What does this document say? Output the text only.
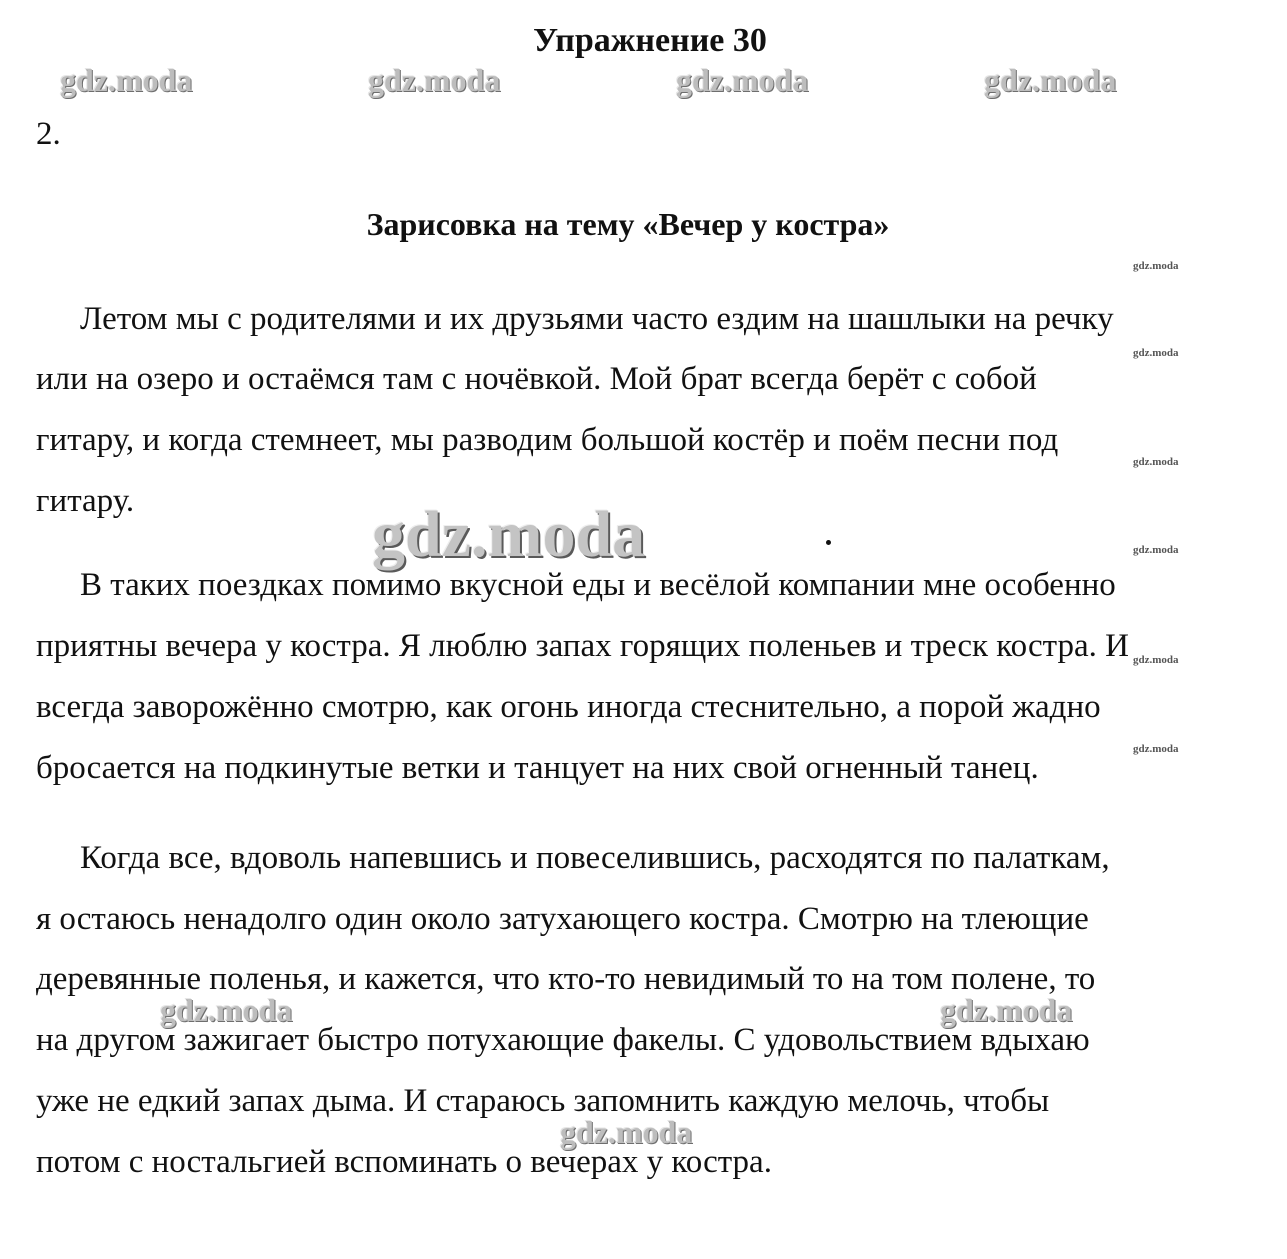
Упражнение 30
2.
Зарисовка на тему «Вечер у костра»
Летом мы с родителями и их друзьями часто ездим на шашлыки на речку
или на озеро и остаёмся там с ночёвкой. Мой брат всегда берёт с собой
гитару, и когда стемнеет, мы разводим большой костёр и поём песни под
гитару.
В таких поездках помимо вкусной еды и весёлой компании мне особенно
приятны вечера у костра. Я люблю запах горящих поленьев и треск костра. И
всегда заворожённо смотрю, как огонь иногда стеснительно, а порой жадно
бросается на подкинутые ветки и танцует на них свой огненный танец.
Когда все, вдоволь напевшись и повеселившись, расходятся по палаткам,
я остаюсь ненадолго один около затухающего костра. Смотрю на тлеющие
деревянные поленья, и кажется, что кто-то невидимый то на том полене, то
на другом зажигает быстро потухающие факелы. С удовольствием вдыхаю
уже не едкий запах дыма. И стараюсь запомнить каждую мелочь, чтобы
потом с ностальгией вспоминать о вечерах у костра.
gdz.moda	gdz.moda	gdz.moda	gdz.moda
gdz.moda
gdz.moda
gdz.moda
gdz.moda
gdz.moda
gdz.moda
gdz.moda
gdz.moda	gdz.moda
gdz.moda
